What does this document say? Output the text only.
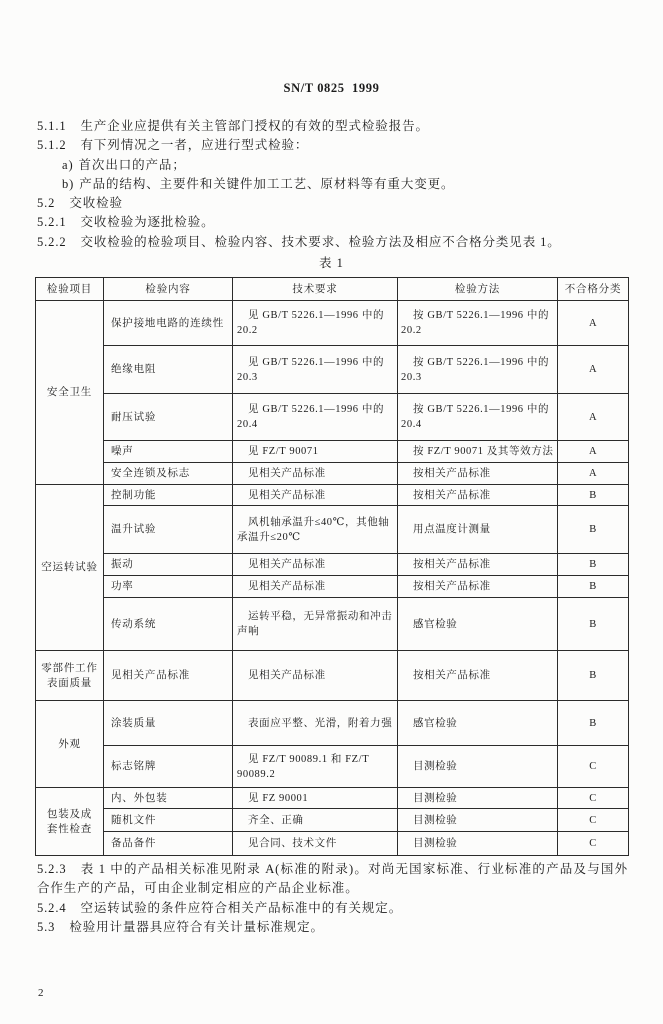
SN/T 0825  1999
5.1.1 生产企业应提供有关主管部门授权的有效的型式检验报告。
5.1.2 有下列情况之一者，应进行型式检验：
a) 首次出口的产品；
b) 产品的结构、主要件和关键件加工工艺、原材料等有重大变更。
5.2 交收检验
5.2.1 交收检验为逐批检验。
5.2.2 交收检验的检验项目、检验内容、技术要求、检验方法及相应不合格分类见表 1。
表 1
检验项目	检验内容	技术要求	检验方法	不合格分类
安全卫生	保护接地电路的连续性	见 GB/T 5226.1—1996 中的 20.2	按 GB/T 5226.1—1996 中的 20.2	A
	绝缘电阻	见 GB/T 5226.1—1996 中的 20.3	按 GB/T 5226.1—1996 中的 20.3	A
	耐压试验	见 GB/T 5226.1—1996 中的 20.4	按 GB/T 5226.1—1996 中的 20.4	A
	噪声	见 FZ/T 90071	按 FZ/T 90071 及其等效方法	A
	安全连锁及标志	见相关产品标准	按相关产品标准	A
空运转试验	控制功能	见相关产品标准	按相关产品标准	B
	温升试验	风机轴承温升≤40℃，其他轴承温升≤20℃	用点温度计测量	B
	振动	见相关产品标准	按相关产品标准	B
	功率	见相关产品标准	按相关产品标准	B
	传动系统	运转平稳，无异常振动和冲击声响	感官检验	B
零部件工作表面质量	见相关产品标准	见相关产品标准	按相关产品标准	B
外观	涂装质量	表面应平整、光滑，附着力强	感官检验	B
	标志铭牌	见 FZ/T 90089.1 和 FZ/T 90089.2	目测检验	C
包装及成套性检查	内、外包装	见 FZ 90001	目测检验	C
	随机文件	齐全、正确	目测检验	C
	备品备件	见合同、技术文件	目测检验	C
5.2.3 表 1 中的产品相关标准见附录 A(标准的附录)。对尚无国家标准、行业标准的产品及与国外合作生产的产品，可由企业制定相应的产品企业标准。
5.2.4 空运转试验的条件应符合相关产品标准中的有关规定。
5.3 检验用计量器具应符合有关计量标准规定。
2
